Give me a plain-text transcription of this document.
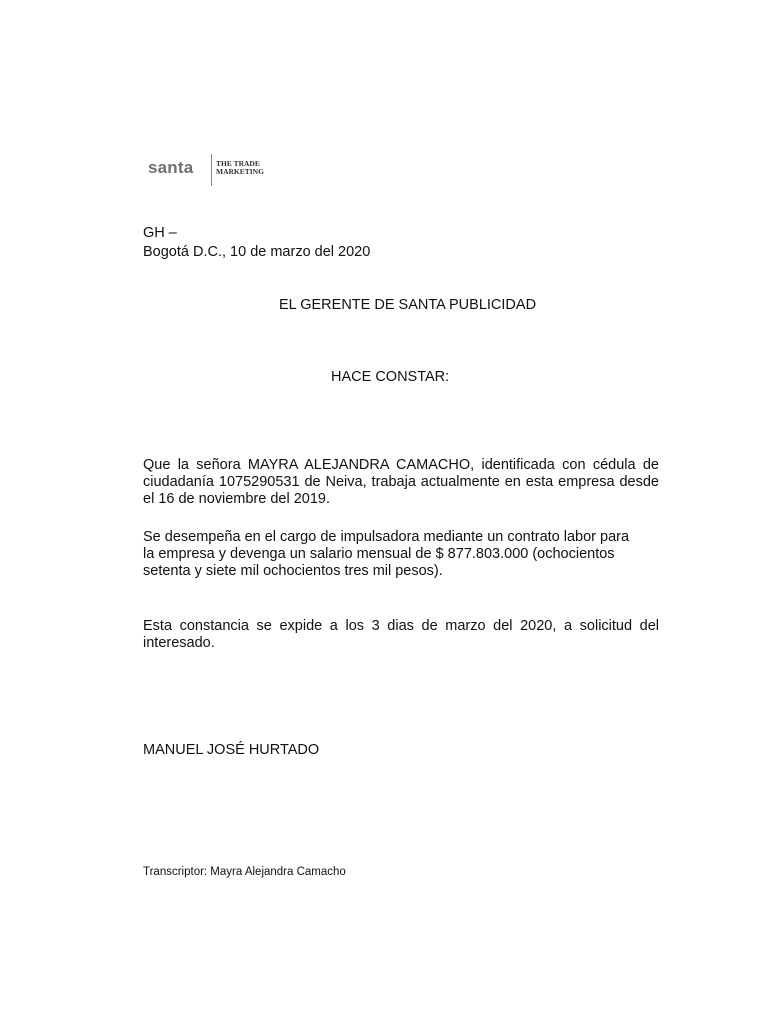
santa	THE TRADE
MARKETING
GH –
Bogotá D.C., 10 de marzo del 2020
EL GERENTE DE SANTA PUBLICIDAD
HACE CONSTAR:
Que la señora MAYRA ALEJANDRA CAMACHO, identificada con cédula de ciudadanía 1075290531 de Neiva, trabaja actualmente en esta empresa desde el 16 de noviembre del 2019.
Se desempeña en el cargo de impulsadora mediante un contrato labor para
la empresa y devenga un salario mensual de $ 877.803.000 (ochocientos
setenta y siete mil ochocientos tres mil pesos).
Esta constancia se expide a los 3 dias de marzo del 2020, a solicitud del interesado.
MANUEL JOSÉ HURTADO
Transcriptor: Mayra Alejandra Camacho
